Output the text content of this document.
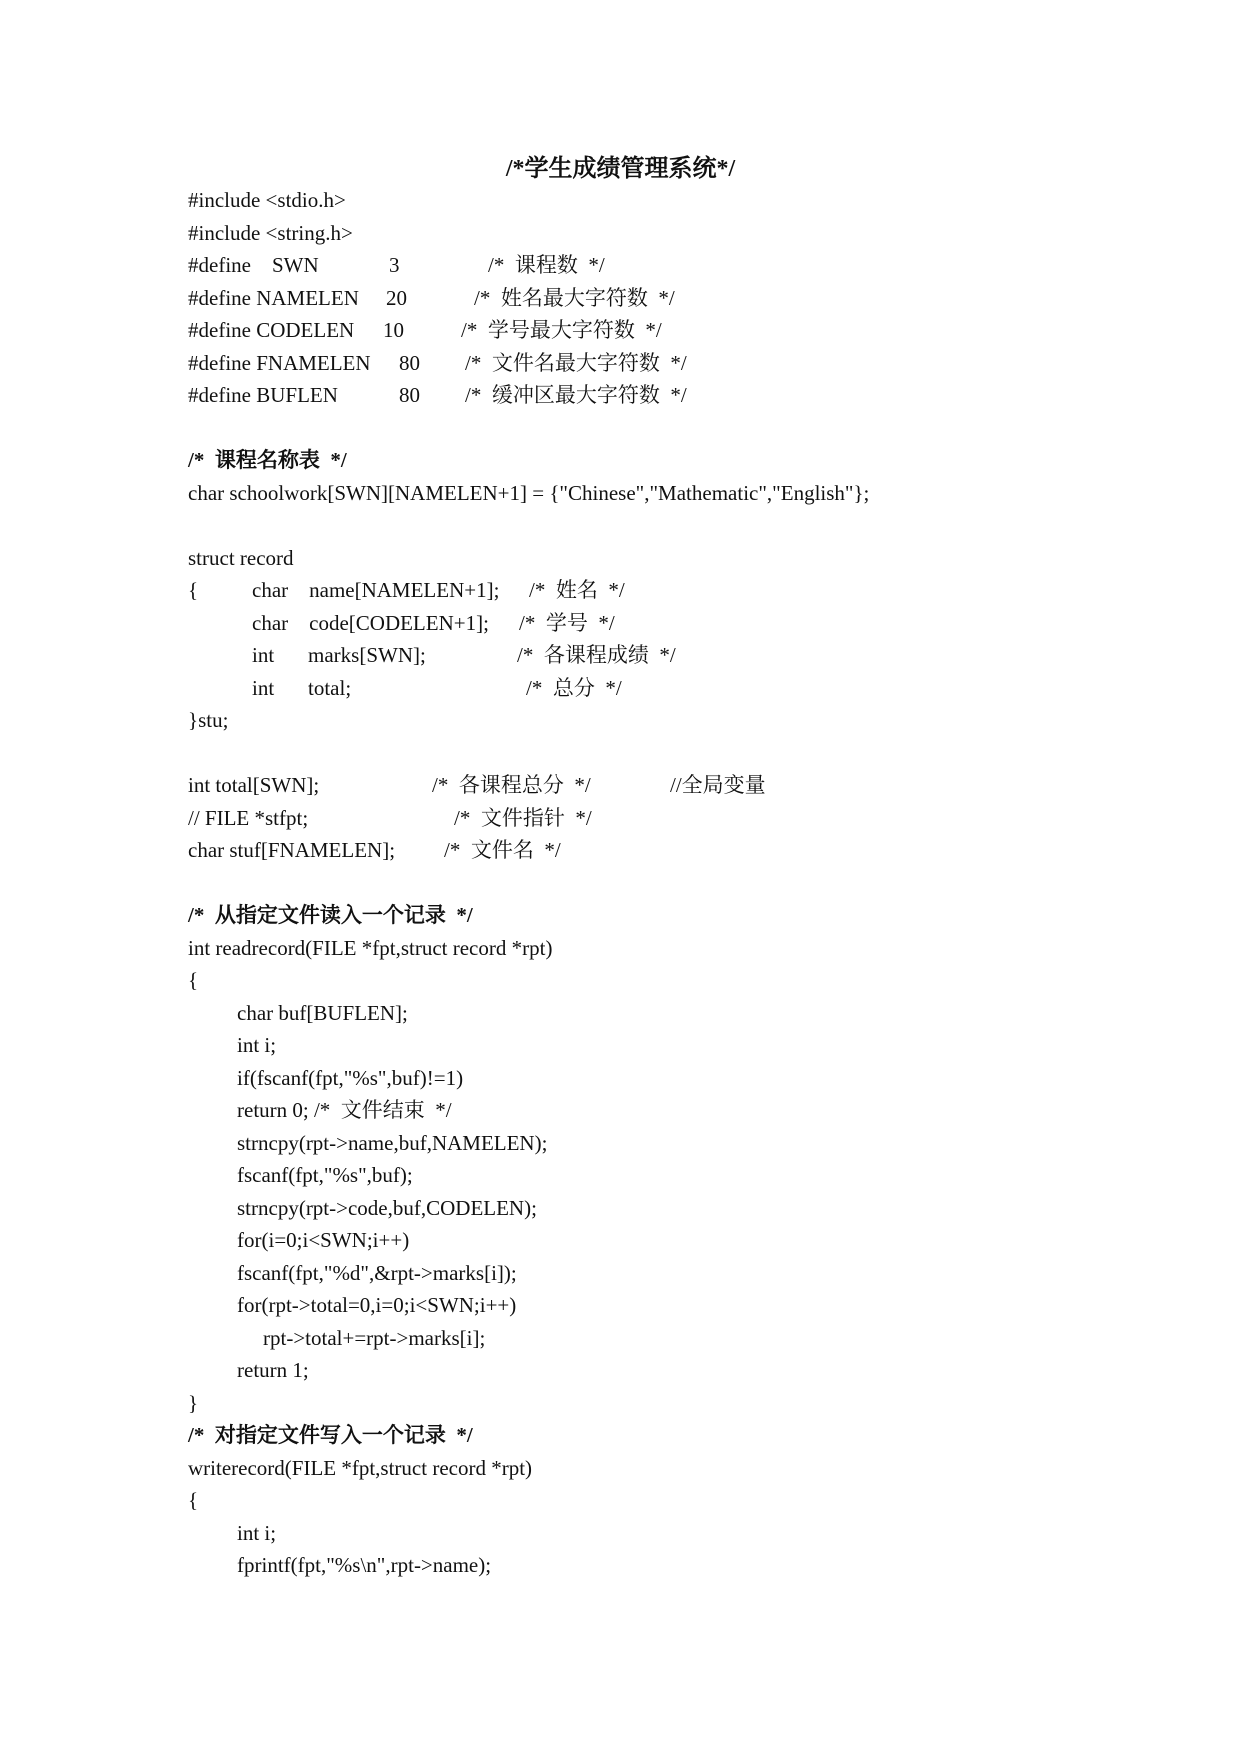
/*学生成绩管理系统*/
#include <stdio.h>
#include <string.h>
#define    SWN	3	/*  课程数  */
#define NAMELEN 20	/*  姓名最大字符数  */
#define CODELEN 10	/*  学号最大字符数  */
#define FNAMELEN 80 /*  文件名最大字符数  */
#define BUFLEN	80 /*  缓冲区最大字符数  */
/*  课程名称表  */
char schoolwork[SWN][NAMELEN+1] = {"Chinese","Mathematic","English"};
struct record
{	char    name[NAMELEN+1]; /*  姓名  */
char    code[CODELEN+1]; /*  学号  */
int marks[SWN];	/*  各课程成绩  */
int total;	/*  总分  */
}stu;
int total[SWN];	/*  各课程总分  */	//全局变量
// FILE *stfpt;	/*  文件指针  */
char stuf[FNAMELEN]; /*  文件名  */
/*  从指定文件读入一个记录  */
int readrecord(FILE *fpt,struct record *rpt)
{
char buf[BUFLEN];
int i;
if(fscanf(fpt,"%s",buf)!=1)
return 0; /*  文件结束  */
strncpy(rpt->name,buf,NAMELEN);
fscanf(fpt,"%s",buf);
strncpy(rpt->code,buf,CODELEN);
for(i=0;i<SWN;i++)
fscanf(fpt,"%d",&rpt->marks[i]);
for(rpt->total=0,i=0;i<SWN;i++)
rpt->total+=rpt->marks[i];
return 1;
}
/*  对指定文件写入一个记录  */
writerecord(FILE *fpt,struct record *rpt)
{
int i;
fprintf(fpt,"%s\n",rpt->name);
